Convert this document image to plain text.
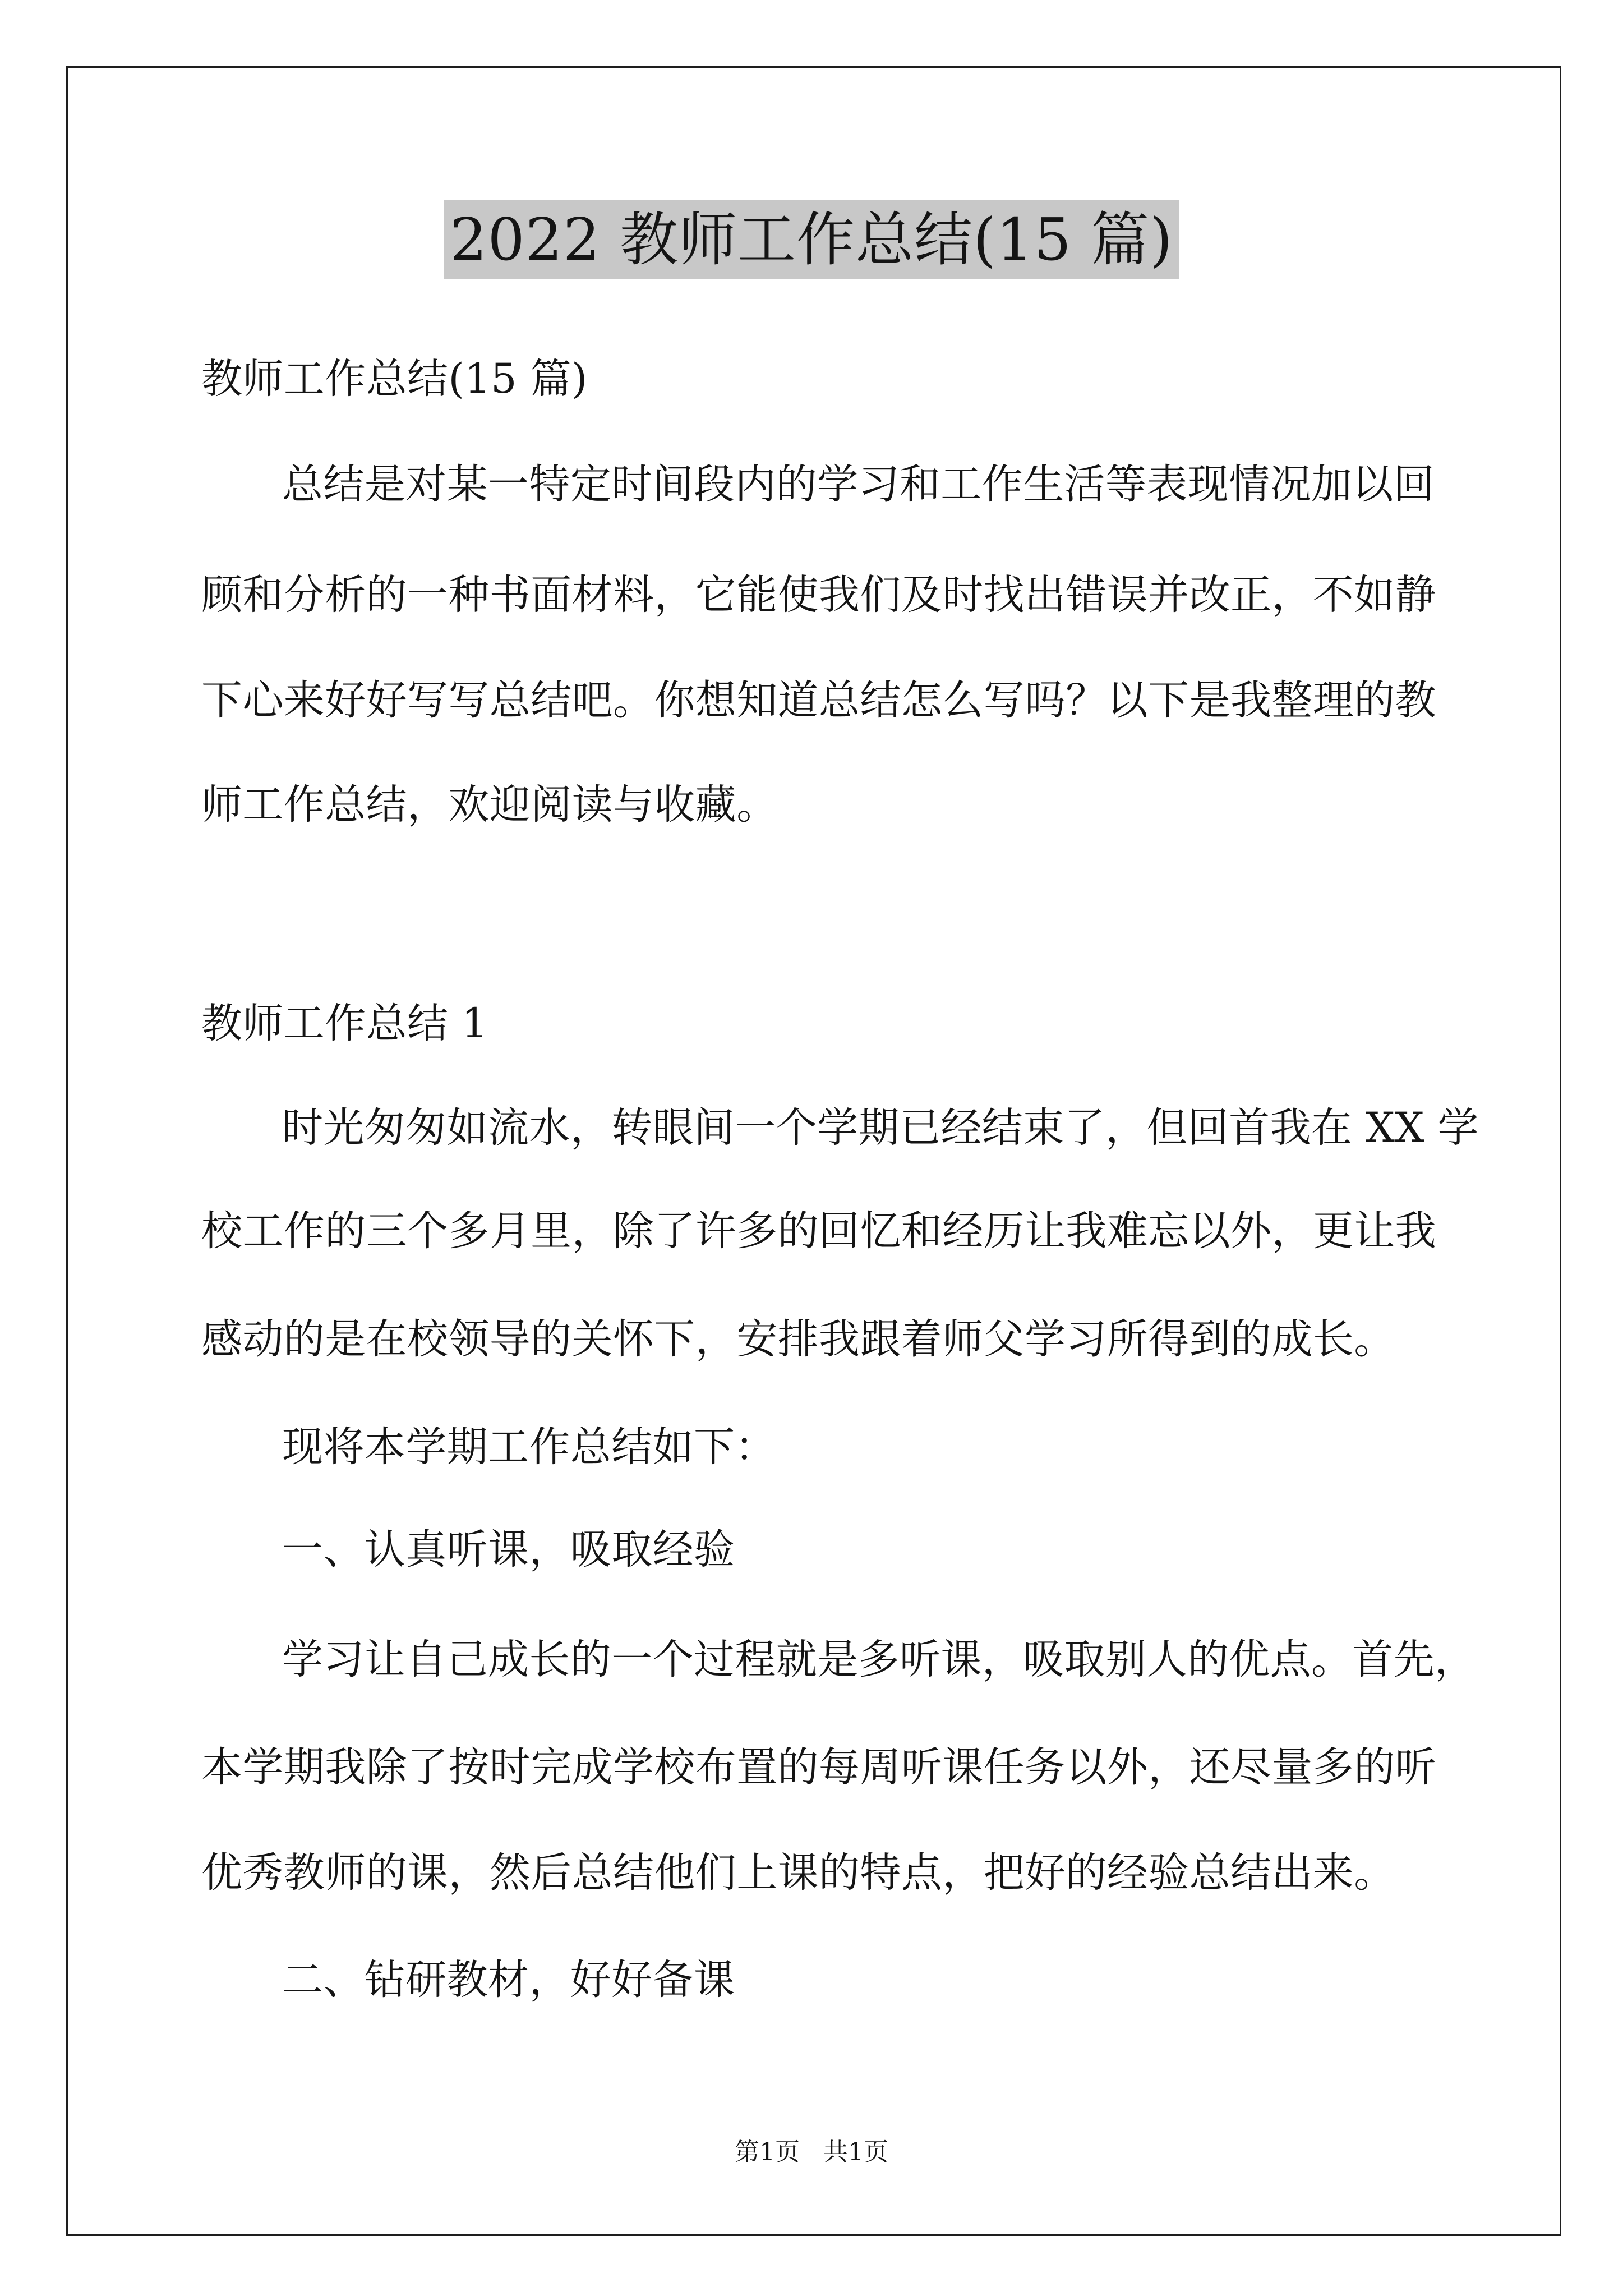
2022 教师工作总结(15 篇)
教师工作总结(15 篇)
总结是对某一特定时间段内的学习和工作生活等表现情况加以回
顾和分析的一种书面材料，它能使我们及时找出错误并改正，不如静
下心来好好写写总结吧。你想知道总结怎么写吗？以下是我整理的教
师工作总结，欢迎阅读与收藏。
教师工作总结 1
时光匆匆如流水，转眼间一个学期已经结束了，但回首我在 XX 学
校工作的三个多月里，除了许多的回忆和经历让我难忘以外，更让我
感动的是在校领导的关怀下，安排我跟着师父学习所得到的成长。
现将本学期工作总结如下：
一、认真听课，吸取经验
学习让自己成长的一个过程就是多听课，吸取别人的优点。首先，
本学期我除了按时完成学校布置的每周听课任务以外，还尽量多的听
优秀教师的课，然后总结他们上课的特点，把好的经验总结出来。
二、钻研教材，好好备课
第1页   共1页
